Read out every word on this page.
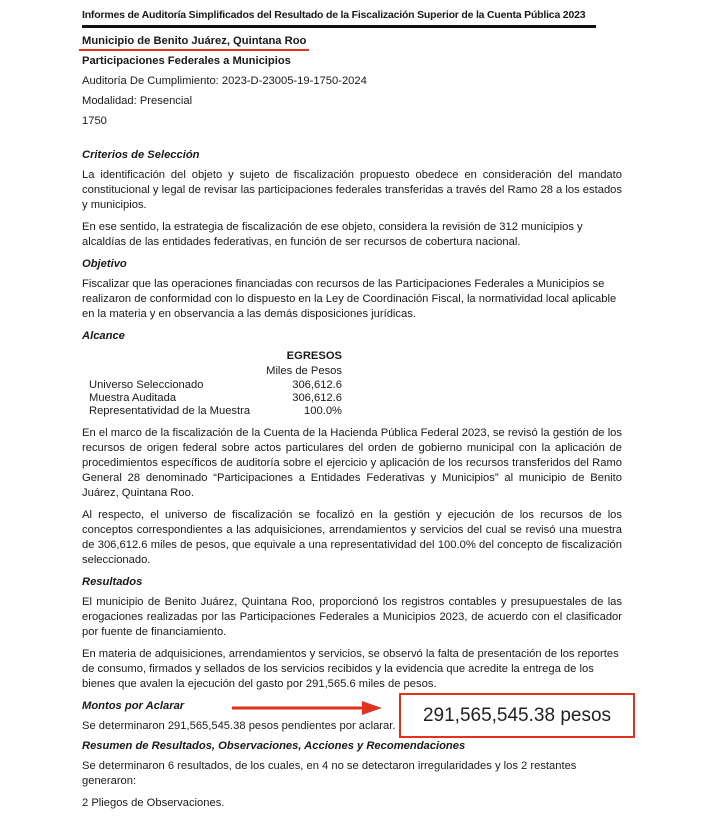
Informes de Auditoría Simplificados del Resultado de la Fiscalización Superior de la Cuenta Pública 2023
Municipio de Benito Juárez, Quintana Roo
Participaciones Federales a Municipios
Auditoría De Cumplimiento: 2023-D-23005-19-1750-2024
Modalidad: Presencial
1750
Criterios de Selección
La identificación del objeto y sujeto de fiscalización propuesto obedece en consideración del mandato constitucional y legal de revisar las participaciones federales transferidas a través del Ramo 28 a los estados y municipios.
En ese sentido, la estrategia de fiscalización de ese objeto, considera la revisión de 312 municipios y alcaldías de las entidades federativas, en función de ser recursos de cobertura nacional.
Objetivo
Fiscalizar que las operaciones financiadas con recursos de las Participaciones Federales a Municipios se realizaron de conformidad con lo dispuesto en la Ley de Coordinación Fiscal, la normatividad local aplicable en la materia y en observancia a las demás disposiciones jurídicas.
Alcance
EGRESOS
Miles de Pesos
Universo Seleccionado	306,612.6
Muestra Auditada	306,612.6
Representatividad de la Muestra	100.0%
En el marco de la fiscalización de la Cuenta de la Hacienda Pública Federal 2023, se revisó la gestión de los recursos de origen federal sobre actos particulares del orden de gobierno municipal con la aplicación de procedimientos específicos de auditoría sobre el ejercicio y aplicación de los recursos transferidos del Ramo General 28 denominado “Participaciones a Entidades Federativas y Municipios” al municipio de Benito Juárez, Quintana Roo.
Al respecto, el universo de fiscalización se focalizó en la gestión y ejecución de los recursos de los conceptos correspondientes a las adquisiciones, arrendamientos y servicios del cual se revisó una muestra de 306,612.6 miles de pesos, que equivale a una representatividad del 100.0% del concepto de fiscalización seleccionado.
Resultados
El municipio de Benito Juárez, Quintana Roo, proporcionó los registros contables y presupuestales de las erogaciones realizadas por las Participaciones Federales a Municipios 2023, de acuerdo con el clasificador por fuente de financiamiento.
En materia de adquisiciones, arrendamientos y servicios, se observó la falta de presentación de los reportes de consumo, firmados y sellados de los servicios recibidos y la evidencia que acredite la entrega de los bienes que avalen la ejecución del gasto por 291,565.6 miles de pesos.
Montos por Aclarar
Se determinaron 291,565,545.38 pesos pendientes por aclarar.
291,565,545.38 pesos
Resumen de Resultados, Observaciones, Acciones y Recomendaciones
Se determinaron 6 resultados, de los cuales, en 4 no se detectaron irregularidades y los 2 restantes generaron:
2 Pliegos de Observaciones.
